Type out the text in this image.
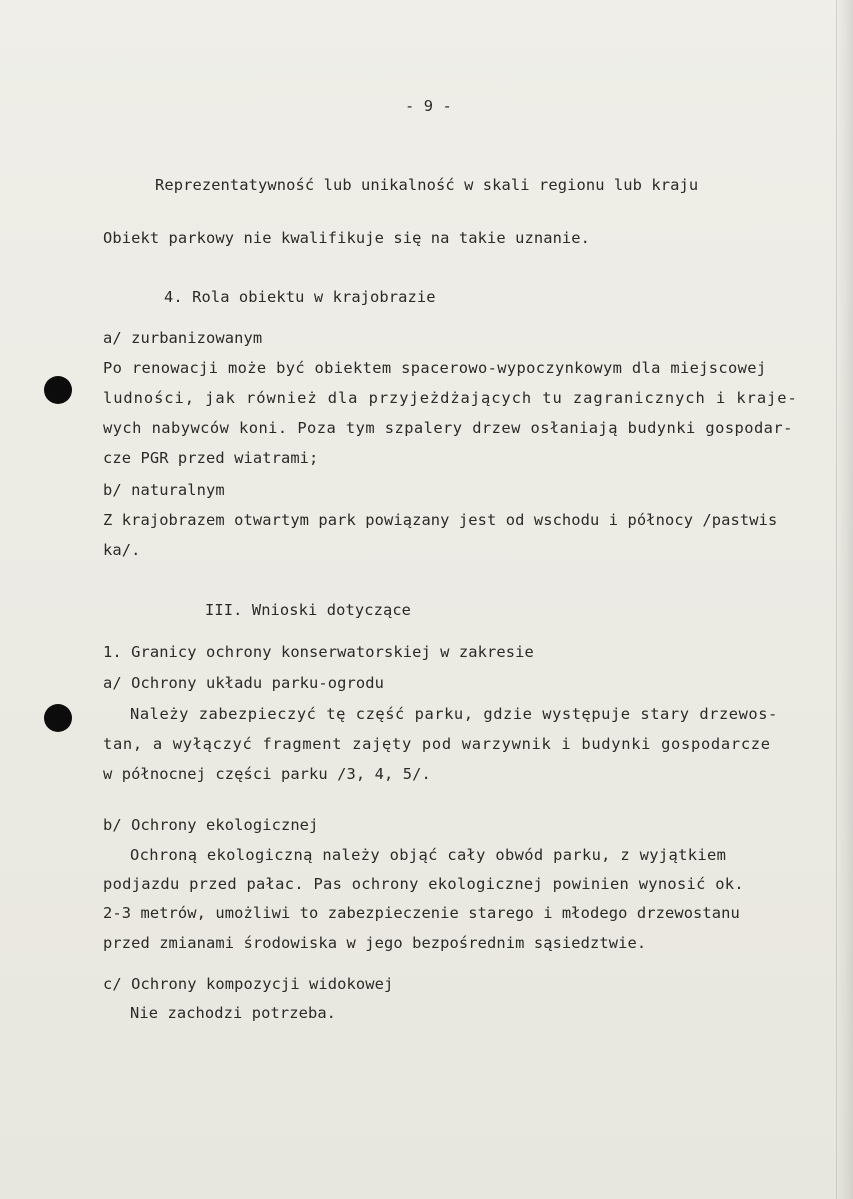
- 9 -
Reprezentatywność lub unikalność w skali regionu lub kraju
Obiekt parkowy nie kwalifikuje się na takie uznanie.
4. Rola obiektu w krajobrazie
a/ zurbanizowanym
Po renowacji może być obiektem spacerowo-wypoczynkowym dla miejscowej
ludności, jak również dla przyjeżdżających tu zagranicznych i kraje-
wych nabywców koni. Poza tym szpalery drzew osłaniają budynki gospodar-
cze PGR przed wiatrami;
b/ naturalnym
Z krajobrazem otwartym park powiązany jest od wschodu i północy /pastwis
ka/.
III. Wnioski dotyczące
1. Granicy ochrony konserwatorskiej w zakresie
a/ Ochrony układu parku-ogrodu
Należy zabezpieczyć tę część parku, gdzie występuje stary drzewos-
tan, a wyłączyć fragment zajęty pod warzywnik i budynki gospodarcze
w północnej części parku /3, 4, 5/.
b/ Ochrony ekologicznej
Ochroną ekologiczną należy objąć cały obwód parku, z wyjątkiem
podjazdu przed pałac. Pas ochrony ekologicznej powinien wynosić ok.
2-3 metrów, umożliwi to zabezpieczenie starego i młodego drzewostanu
przed zmianami środowiska w jego bezpośrednim sąsiedztwie.
c/ Ochrony kompozycji widokowej
Nie zachodzi potrzeba.
